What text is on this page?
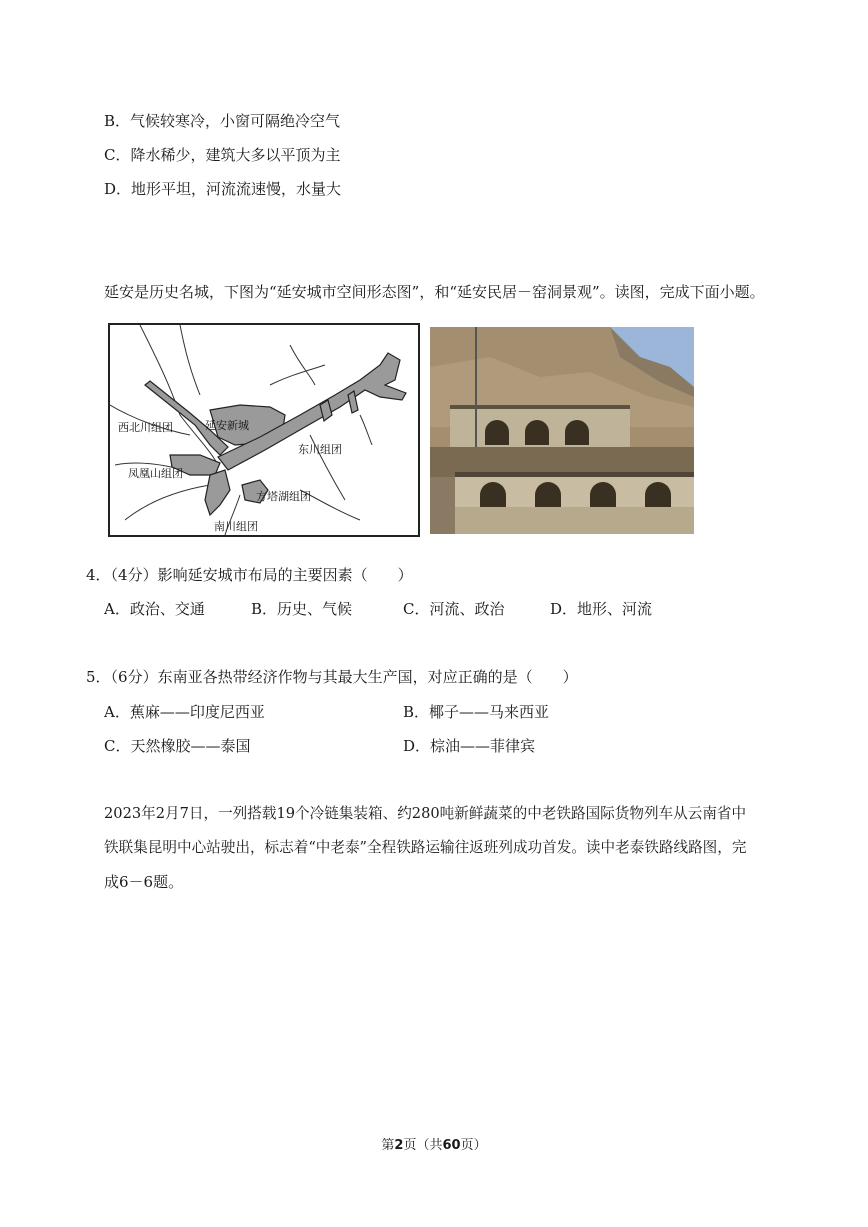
B．气候较寒冷，小窗可隔绝冷空气
C．降水稀少，建筑大多以平顶为主
D．地形平坦，河流流速慢，水量大
延安是历史名城，下图为“延安城市空间形态图”，和“延安民居－窑洞景观”。读图，完成下面小题。
西北川组团	延安新城
东川组团
凤凰山组团
方塔湖组团
南川组团
4．（4分）影响延安城市布局的主要因素（　　）
A．政治、交通	B．历史、气候	C．河流、政治	D．地形、河流
5．（6分）东南亚各热带经济作物与其最大生产国，对应正确的是（　　）
A．蕉麻——印度尼西亚	B．椰子——马来西亚
C．天然橡胶——泰国	D．棕油——菲律宾
2023年2月7日，一列搭载19个冷链集装箱、约280吨新鲜蔬菜的中老铁路国际货物列车从云南省中
铁联集昆明中心站驶出，标志着“中老泰”全程铁路运输往返班列成功首发。读中老泰铁路线路图，完
成6－6题。
第2页（共60页）
